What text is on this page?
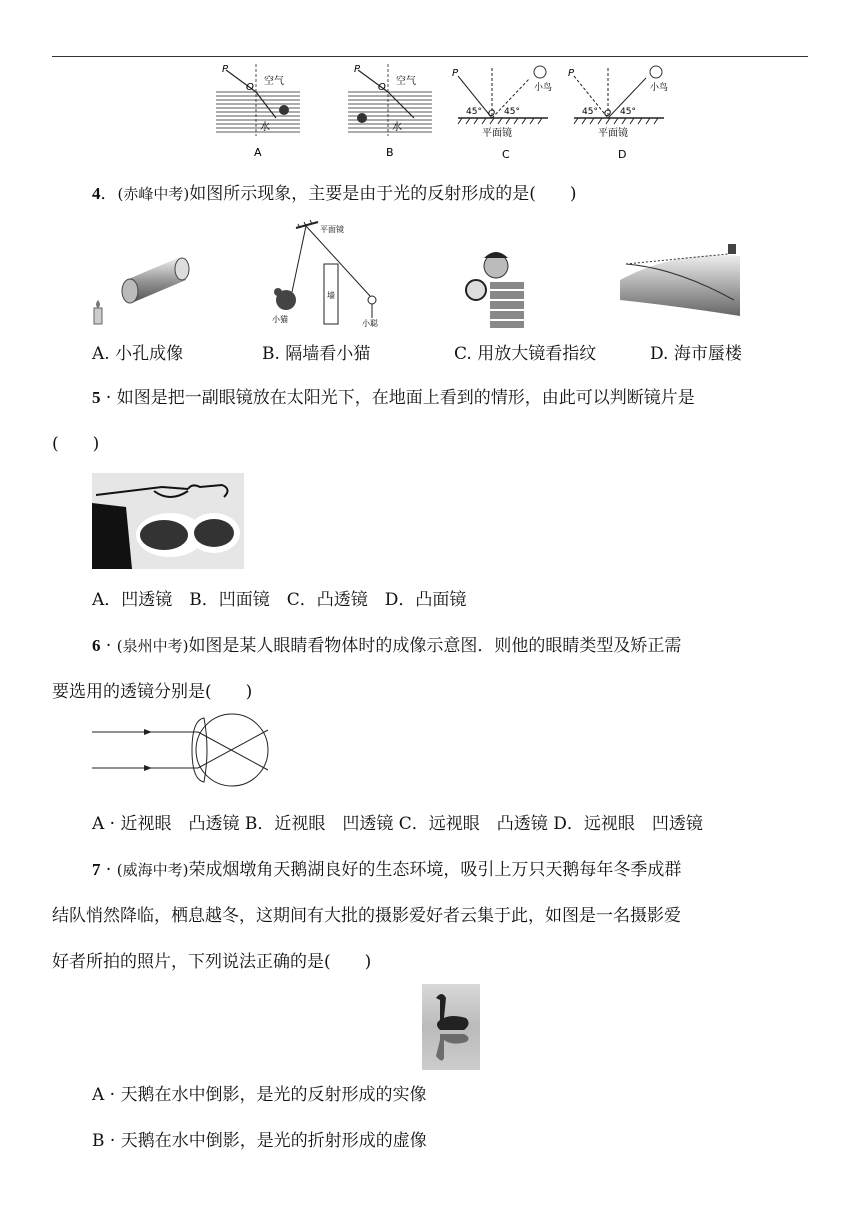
P
O
空气
水
A
P
O
空气
水
B
P
O
45° 45°
小鸟
平面镜
C
P
O
45° 45°
小鸟
平面镜
D
4．(赤峰中考)如图所示现象，主要是由于光的反射形成的是(　　)
平面镜
小猫
墙
小聪
A. 小孔成像	B. 隔墙看小猫	C. 用放大镜看指纹	D. 海市蜃楼
5 · 如图是把一副眼镜放在太阳光下，在地面上看到的情形，由此可以判断镜片是
(　　)
A．凹透镜　B．凹面镜　C．凸透镜　D．凸面镜
6 · (泉州中考)如图是某人眼睛看物体时的成像示意图．则他的眼睛类型及矫正需
要选用的透镜分别是(　　)
A · 近视眼　凸透镜 B．近视眼　凹透镜 C．远视眼　凸透镜 D．远视眼　凹透镜
7 · (威海中考)荣成烟墩角天鹅湖良好的生态环境，吸引上万只天鹅每年冬季成群
结队悄然降临，栖息越冬，这期间有大批的摄影爱好者云集于此，如图是一名摄影爱
好者所拍的照片，下列说法正确的是(　　)
A · 天鹅在水中倒影，是光的反射形成的实像
B · 天鹅在水中倒影，是光的折射形成的虚像
